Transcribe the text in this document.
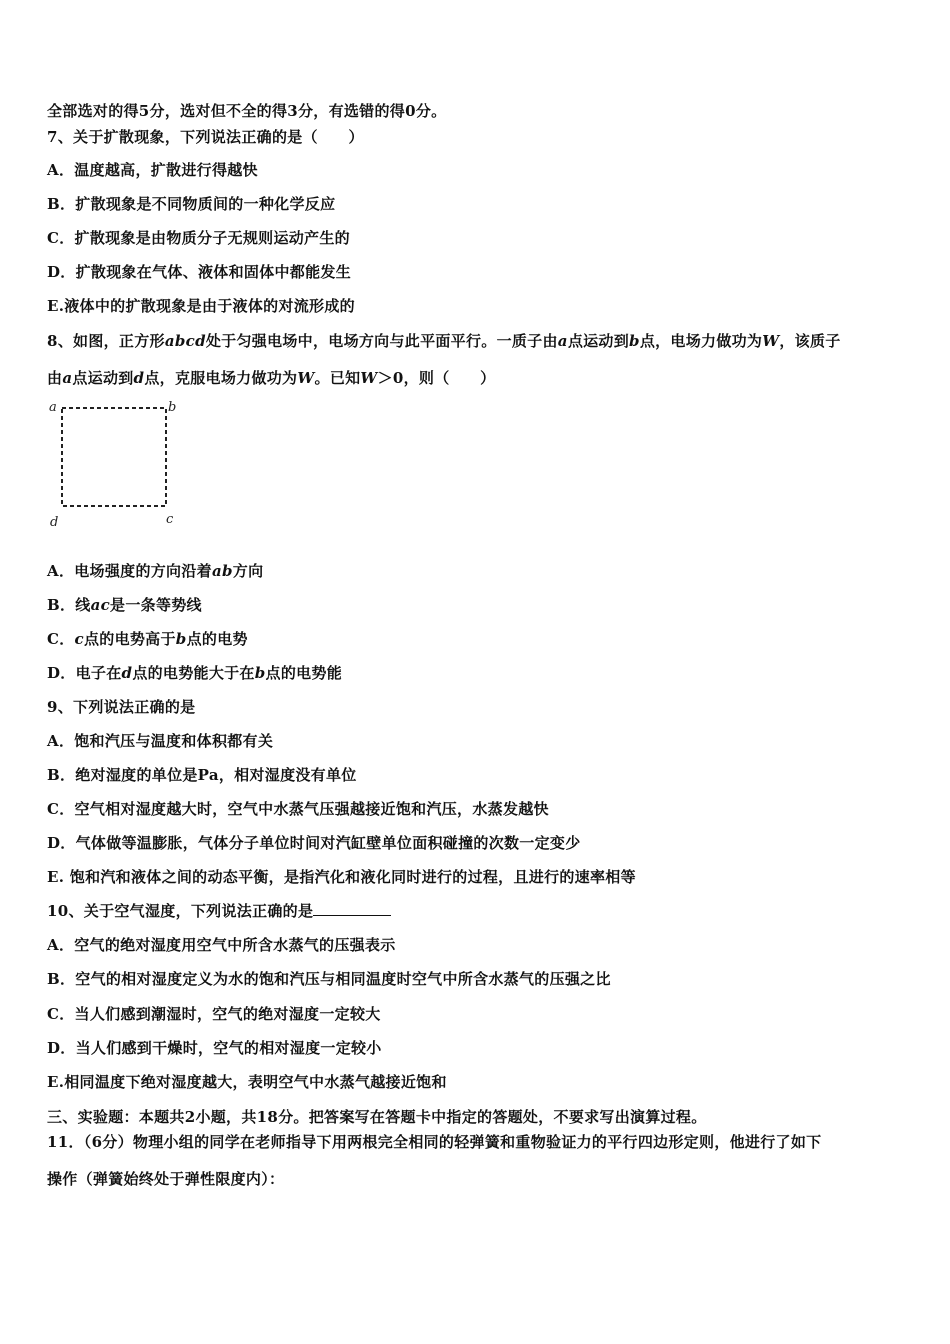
全部选对的得5分，选对但不全的得3分，有选错的得0分。
7、关于扩散现象，下列说法正确的是（　　）
A．温度越高，扩散进行得越快
B．扩散现象是不同物质间的一种化学反应
C．扩散现象是由物质分子无规则运动产生的
D．扩散现象在气体、液体和固体中都能发生
E.液体中的扩散现象是由于液体的对流形成的
8、如图，正方形abcd处于匀强电场中，电场方向与此平面平行。一质子由a点运动到b点，电场力做功为W，该质子
由a点运动到d点，克服电场力做功为W。已知W＞0，则（　　）
a	b
c
d
A．电场强度的方向沿着ab方向
B．线ac是一条等势线
C．c点的电势高于b点的电势
D．电子在d点的电势能大于在b点的电势能
9、下列说法正确的是
A．饱和汽压与温度和体积都有关
B．绝对湿度的单位是Pa，相对湿度没有单位
C．空气相对湿度越大时，空气中水蒸气压强越接近饱和汽压，水蒸发越快
D．气体做等温膨胀，气体分子单位时间对汽缸壁单位面积碰撞的次数一定变少
E. 饱和汽和液体之间的动态平衡，是指汽化和液化同时进行的过程，且进行的速率相等
10、关于空气湿度，下列说法正确的是
A．空气的绝对湿度用空气中所含水蒸气的压强表示
B．空气的相对湿度定义为水的饱和汽压与相同温度时空气中所含水蒸气的压强之比
C．当人们感到潮湿时，空气的绝对湿度一定较大
D．当人们感到干燥时，空气的相对湿度一定较小
E.相同温度下绝对湿度越大，表明空气中水蒸气越接近饱和
三、实验题：本题共2小题，共18分。把答案写在答题卡中指定的答题处，不要求写出演算过程。
11．（6分）物理小组的同学在老师指导下用两根完全相同的轻弹簧和重物验证力的平行四边形定则，他进行了如下
操作（弹簧始终处于弹性限度内）：
